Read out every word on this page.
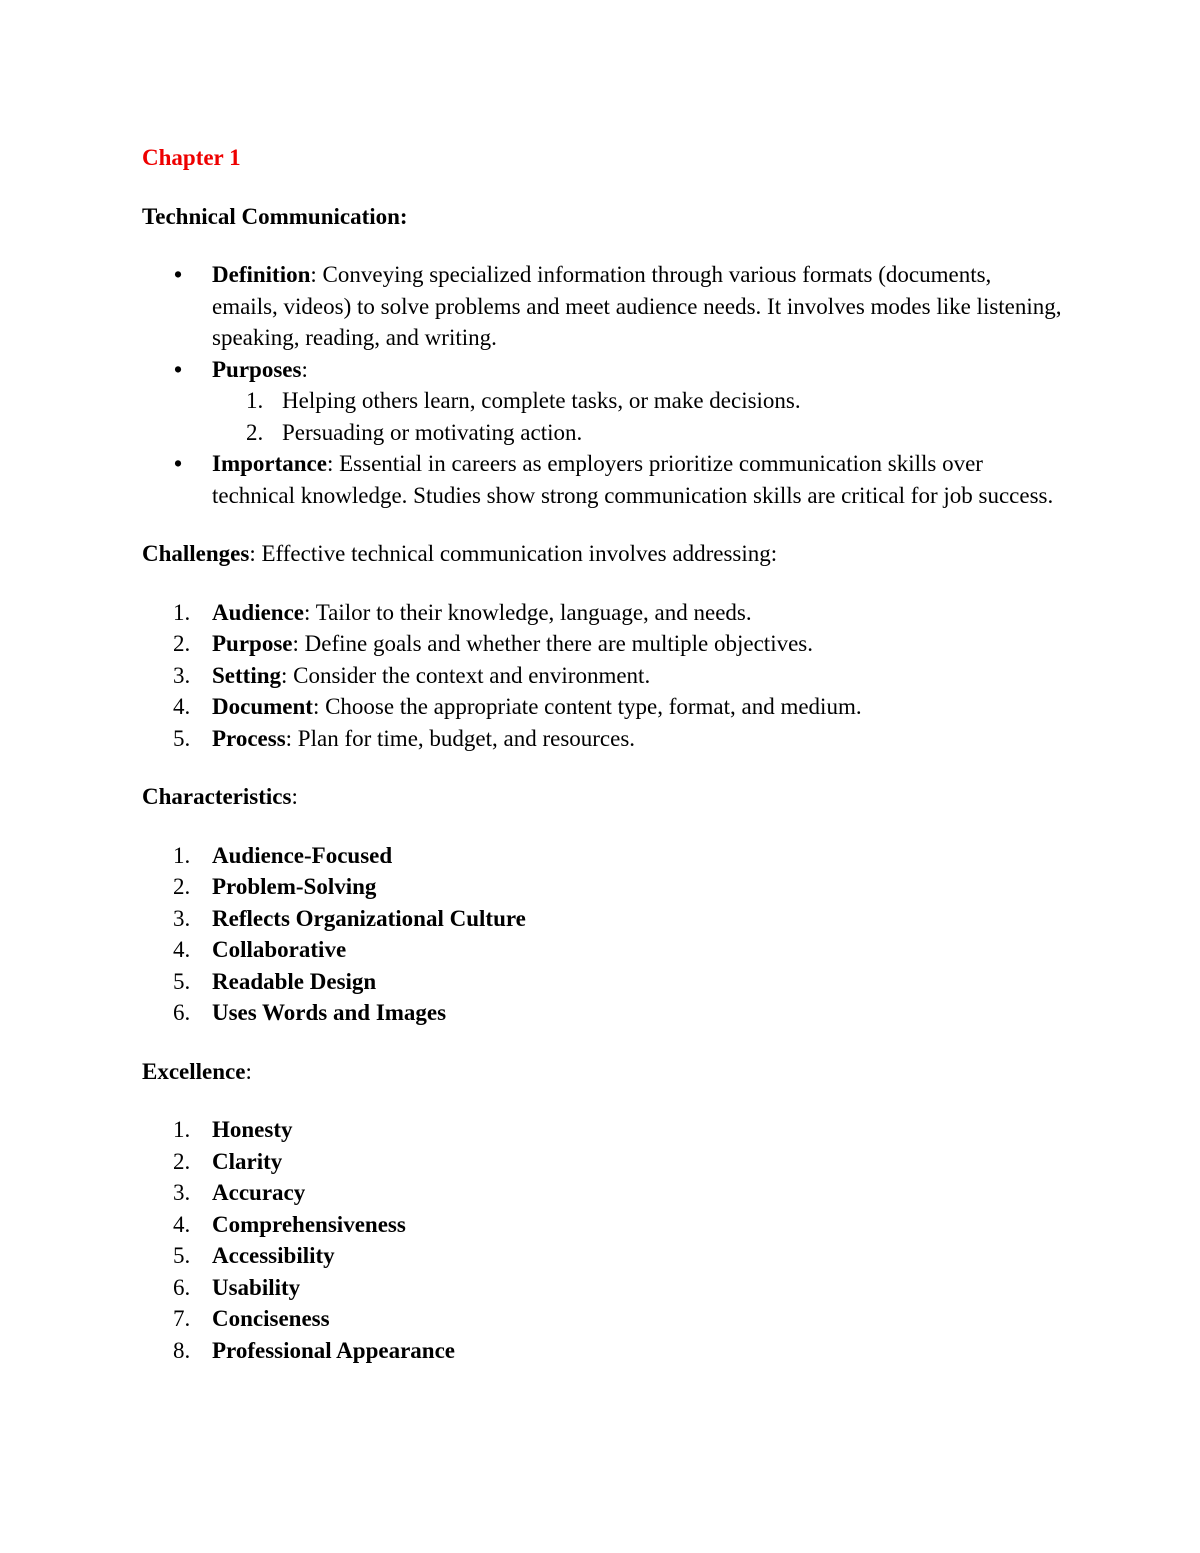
Chapter 1

Technical Communication:

•	Definition: Conveying specialized information through various formats (documents, emails, videos) to solve problems and meet audience needs. It involves modes like listening, speaking, reading, and writing.
•	Purposes:
1. Helping others learn, complete tasks, or make decisions.
2. Persuading or motivating action.
•	Importance: Essential in careers as employers prioritize communication skills over technical knowledge. Studies show strong communication skills are critical for job success.

Challenges: Effective technical communication involves addressing:

1. Audience: Tailor to their knowledge, language, and needs.
2. Purpose: Define goals and whether there are multiple objectives.
3. Setting: Consider the context and environment.
4. Document: Choose the appropriate content type, format, and medium.
5. Process: Plan for time, budget, and resources.

Characteristics:

1. Audience-Focused
2. Problem-Solving
3. Reflects Organizational Culture
4. Collaborative
5. Readable Design
6. Uses Words and Images

Excellence:

1. Honesty
2. Clarity
3. Accuracy
4. Comprehensiveness
5. Accessibility
6. Usability
7. Conciseness
8. Professional Appearance
